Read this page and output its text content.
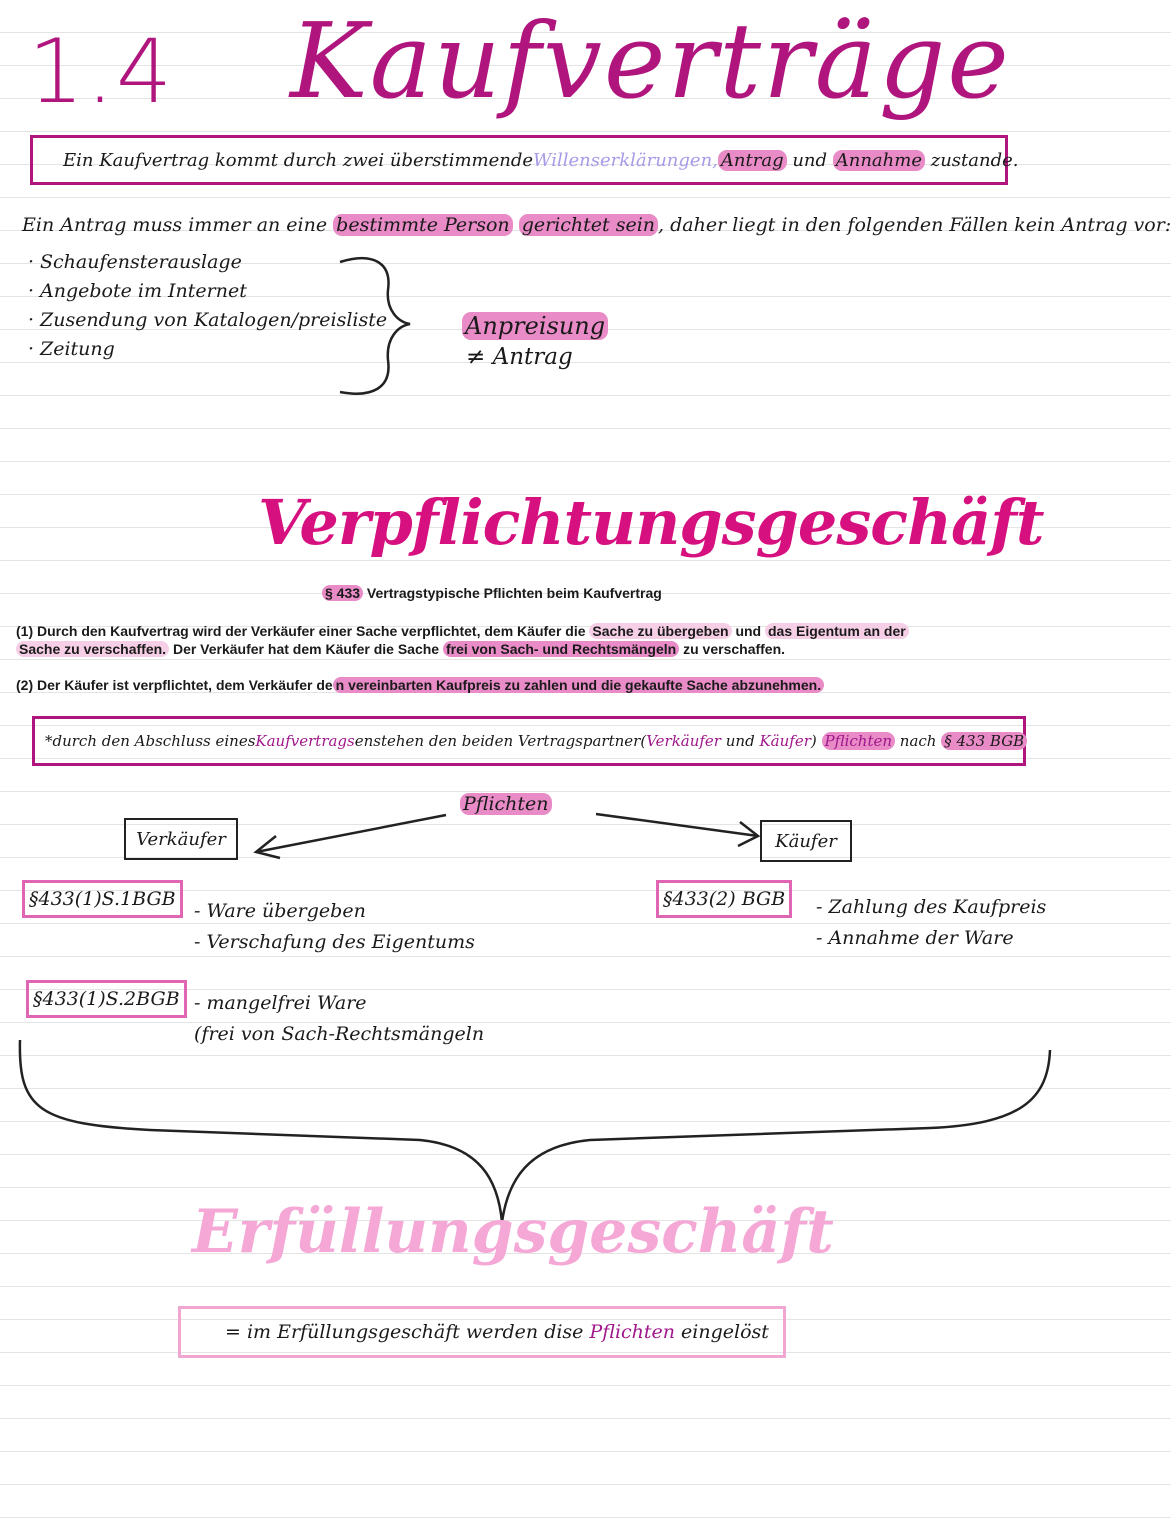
1.4 Kaufverträge
Ein Kaufvertrag kommt durch zwei überstimmende Willenserklärungen , Antrag und Annahme zustande.
Ein Antrag muss immer an eine bestimmte Person gerichtet sein , daher liegt in den folgenden Fällen kein Antrag vor:
· Schaufensterauslage
· Angebote im Internet
· Zusendung von Katalogen/preisliste
· Zeitung
Anpreisung
≠ Antrag
Verpflichtungsgeschäft
§ 433 Vertragstypische Pflichten beim Kaufvertrag
(1) Durch den Kaufvertrag wird der Verkäufer einer Sache verpflichtet, dem Käufer die Sache zu übergeben und das Eigentum an der
Sache zu verschaffen. Der Verkäufer hat dem Käufer die Sache frei von Sach- und Rechtsmängeln zu verschaffen.
(2) Der Käufer ist verpflichtet, dem Verkäufer de n vereinbarten Kaufpreis zu zahlen und die gekaufte Sache abzunehmen.
*durch den Abschluss eines Kaufvertrags enstehen den beiden Vertragspartner( Verkäufer und Käufer ) Pflichten nach § 433 BGB
Pflichten
Verkäufer	Käufer
§433(1)S.1BGB
- Ware übergeben
- Verschafung des Eigentums
§433(1)S.2BGB - mangelfrei Ware
(frei von Sach-Rechtsmängeln
§433(2) BGB	- Zahlung des Kaufpreis
- Annahme der Ware
Erfüllungsgeschäft
= im Erfüllungsgeschäft werden dise Pflichten eingelöst
